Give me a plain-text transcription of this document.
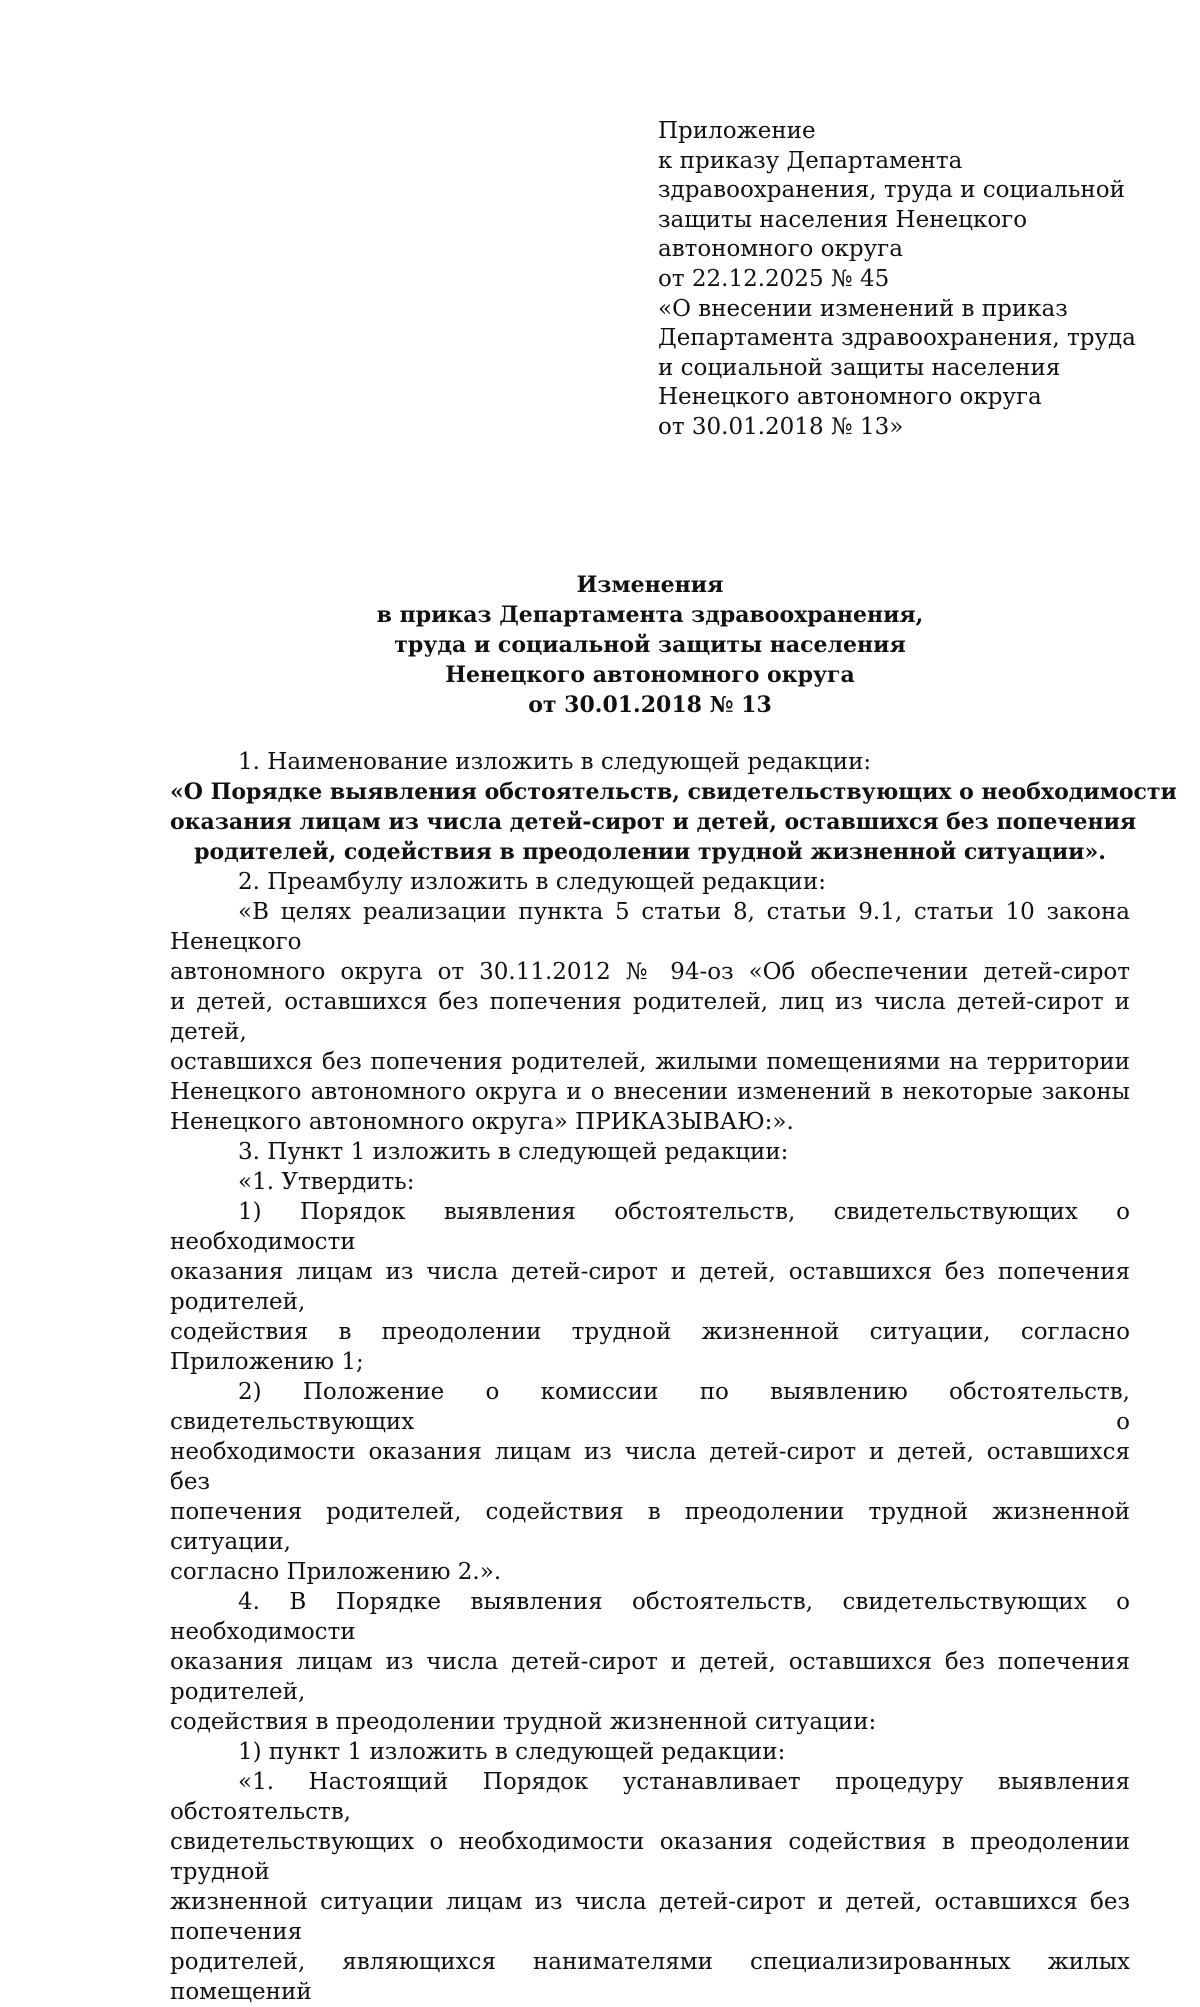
Приложение
к приказу Департамента
здравоохранения, труда и социальной
защиты населения Ненецкого
автономного округа
от 22.12.2025 № 45
«О внесении изменений в приказ
Департамента здравоохранения, труда
и социальной защиты населения
Ненецкого автономного округа
от 30.01.2018 № 13»
Изменения
в приказ Департамента здравоохранения,
труда и социальной защиты населения
Ненецкого автономного округа
от 30.01.2018 № 13
1. Наименование изложить в следующей редакции:
«О Порядке выявления обстоятельств, свидетельствующих о необходимости
оказания лицам из числа детей-сирот и детей, оставшихся без попечения
родителей, содействия в преодолении трудной жизненной ситуации».
2. Преамбулу изложить в следующей редакции:
«В целях реализации пункта 5 статьи 8, статьи 9.1, статьи 10 закона Ненецкого
автономного округа от 30.11.2012 № 94-оз «Об обеспечении детей-сирот
и детей, оставшихся без попечения родителей, лиц из числа детей-сирот и детей,
оставшихся без попечения родителей, жилыми помещениями на территории
Ненецкого автономного округа и о внесении изменений в некоторые законы
Ненецкого автономного округа» ПРИКАЗЫВАЮ:».
3. Пункт 1 изложить в следующей редакции:
«1. Утвердить:
1) Порядок выявления обстоятельств, свидетельствующих о необходимости
оказания лицам из числа детей-сирот и детей, оставшихся без попечения родителей,
содействия в преодолении трудной жизненной ситуации, согласно Приложению 1;
2) Положение о комиссии по выявлению обстоятельств, свидетельствующих о
необходимости оказания лицам из числа детей-сирот и детей, оставшихся без
попечения родителей, содействия в преодолении трудной жизненной ситуации,
согласно Приложению 2.».
4. В Порядке выявления обстоятельств, свидетельствующих о необходимости
оказания лицам из числа детей-сирот и детей, оставшихся без попечения родителей,
содействия в преодолении трудной жизненной ситуации:
1) пункт 1 изложить в следующей редакции:
«1. Настоящий Порядок устанавливает процедуру выявления обстоятельств,
свидетельствующих о необходимости оказания содействия в преодолении трудной
жизненной ситуации лицам из числа детей-сирот и детей, оставшихся без попечения
родителей, являющихся нанимателями специализированных жилых помещений
